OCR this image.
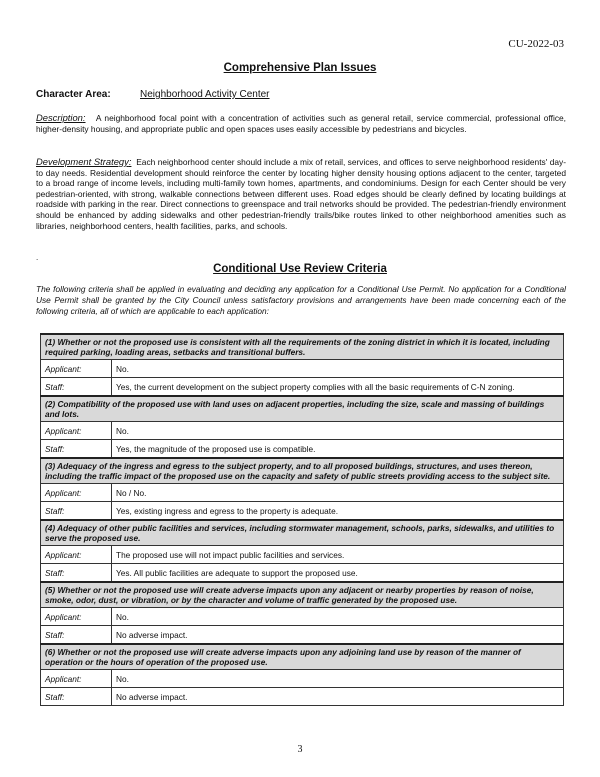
CU-2022-03
Comprehensive Plan Issues
Character Area:	Neighborhood Activity Center
Description: A neighborhood focal point with a concentration of activities such as general retail, service commercial, professional office, higher-density housing, and appropriate public and open spaces uses easily accessible by pedestrians and bicycles.
Development Strategy: Each neighborhood center should include a mix of retail, services, and offices to serve neighborhood residents' day-to day needs. Residential development should reinforce the center by locating higher density housing options adjacent to the center, targeted to a broad range of income levels, including multi-family town homes, apartments, and condominiums. Design for each Center should be very pedestrian-oriented, with strong, walkable connections between different uses. Road edges should be clearly defined by locating buildings at roadside with parking in the rear. Direct connections to greenspace and trail networks should be provided. The pedestrian-friendly environment should be enhanced by adding sidewalks and other pedestrian-friendly trails/bike routes linked to other neighborhood amenities such as libraries, neighborhood centers, health facilities, parks, and schools.
.
Conditional Use Review Criteria
The following criteria shall be applied in evaluating and deciding any application for a Conditional Use Permit. No application for a Conditional Use Permit shall be granted by the City Council unless satisfactory provisions and arrangements have been made concerning each of the following criteria, all of which are applicable to each application:
(1) Whether or not the proposed use is consistent with all the requirements of the zoning district in which it is located, including required parking, loading areas, setbacks and transitional buffers.	
Applicant:	No.
Staff:	Yes, the current development on the subject property complies with all the basic requirements of C-N zoning.
(2) Compatibility of the proposed use with land uses on adjacent properties, including the size, scale and massing of buildings and lots.	
Applicant:	No.
Staff:	Yes, the magnitude of the proposed use is compatible.
(3) Adequacy of the ingress and egress to the subject property, and to all proposed buildings, structures, and uses thereon, including the traffic impact of the proposed use on the capacity and safety of public streets providing access to the subject site.	
Applicant:	No / No.
Staff:	Yes, existing ingress and egress to the property is adequate.
(4) Adequacy of other public facilities and services, including stormwater management, schools, parks, sidewalks, and utilities to serve the proposed use.	
Applicant:	The proposed use will not impact public facilities and services.
Staff:	Yes. All public facilities are adequate to support the proposed use.
(5) Whether or not the proposed use will create adverse impacts upon any adjacent or nearby properties by reason of noise, smoke, odor, dust, or vibration, or by the character and volume of traffic generated by the proposed use.	
Applicant:	No.
Staff:	No adverse impact.
(6) Whether or not the proposed use will create adverse impacts upon any adjoining land use by reason of the manner of operation or the hours of operation of the proposed use.	
Applicant:	No.
Staff:	No adverse impact.
3
